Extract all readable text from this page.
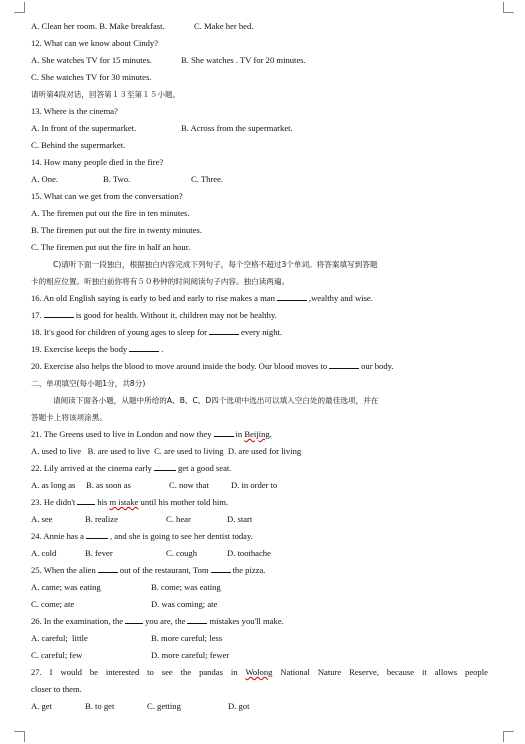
A. Clean her room. B. Make breakfast.	C. Make her bed.
12. What can we know about Cindy?
A. She watches TV for 15 minutes.	B. She watches . TV for 20 minutes.
C. She watches TV for 30 minutes.
请听第4段对话，回答第１３至第１５小题。
13. Where is the cinema?
A. In front of the supermarket.	B. Across from the supermarket.
C. Behind the supermarket.
14. How many people died in the fire?
A. One.	B. Two.	C. Three.
15. What can we get from the conversation?
A. The firemen put out the fire in ten minutes.
B. The firemen put out the fire in twenty minutes.
C. The firemen put out the fire in half an hour.
C)请听下面一段独白，根据独白内容完成下列句子，每个空格不超过3个单词。将答案填写到答题
卡的相应位置。听独白前你将有５０秒钟的时间阅读句子内容。独白读两遍。
16. An old English saying is early to bed and early to rise makes a man	,wealthy and wise.
17.	is good for health. Without it, children may not be healthy.
18. It's good for children of young ages to sleep for	every night.
19. Exercise keeps the body	.
20. Exercise also helps the blood to move around inside the body. Our blood moves to	our body.
二、单项填空(每小题1分，共8分)
请阅读下面各小题，从题中所给的A、B、C、D四个选项中选出可以填入空白处的最佳选项，并在
答题卡上将该项涂黑。
21. The Greens used to live in London and now they	in
Beijing .
A. used to live   B. are used to live  C. are used to living  D. are used for living
22. Lily arrived at the cinema early	get a good seat.
A. as long as	B. as soon as	C. now that	D. in order to
23. He didn't	his
m istake
until his mother told him.
A. see	B. realize	C. hear	D. start
24. Annie has a	, and she is going to see her dentist today.
A. cold	B. fever	C. cough	D. toothache
25. When the alien	out of the restaurant, Tom	the pizza.
A. came; was eating	B. come; was eating
C. come; ate	D. was coming; ate
26. In the examination, the	you are, the	mistakes you'll make.
A. careful;  little	B. more careful; less
C. careful; few	D. more careful; fewer
27. I would be interested to see the pandas in Wolong National Nature Reserve, because it allows people
closer to them.
A. get	B. to get	C. getting	D. got
